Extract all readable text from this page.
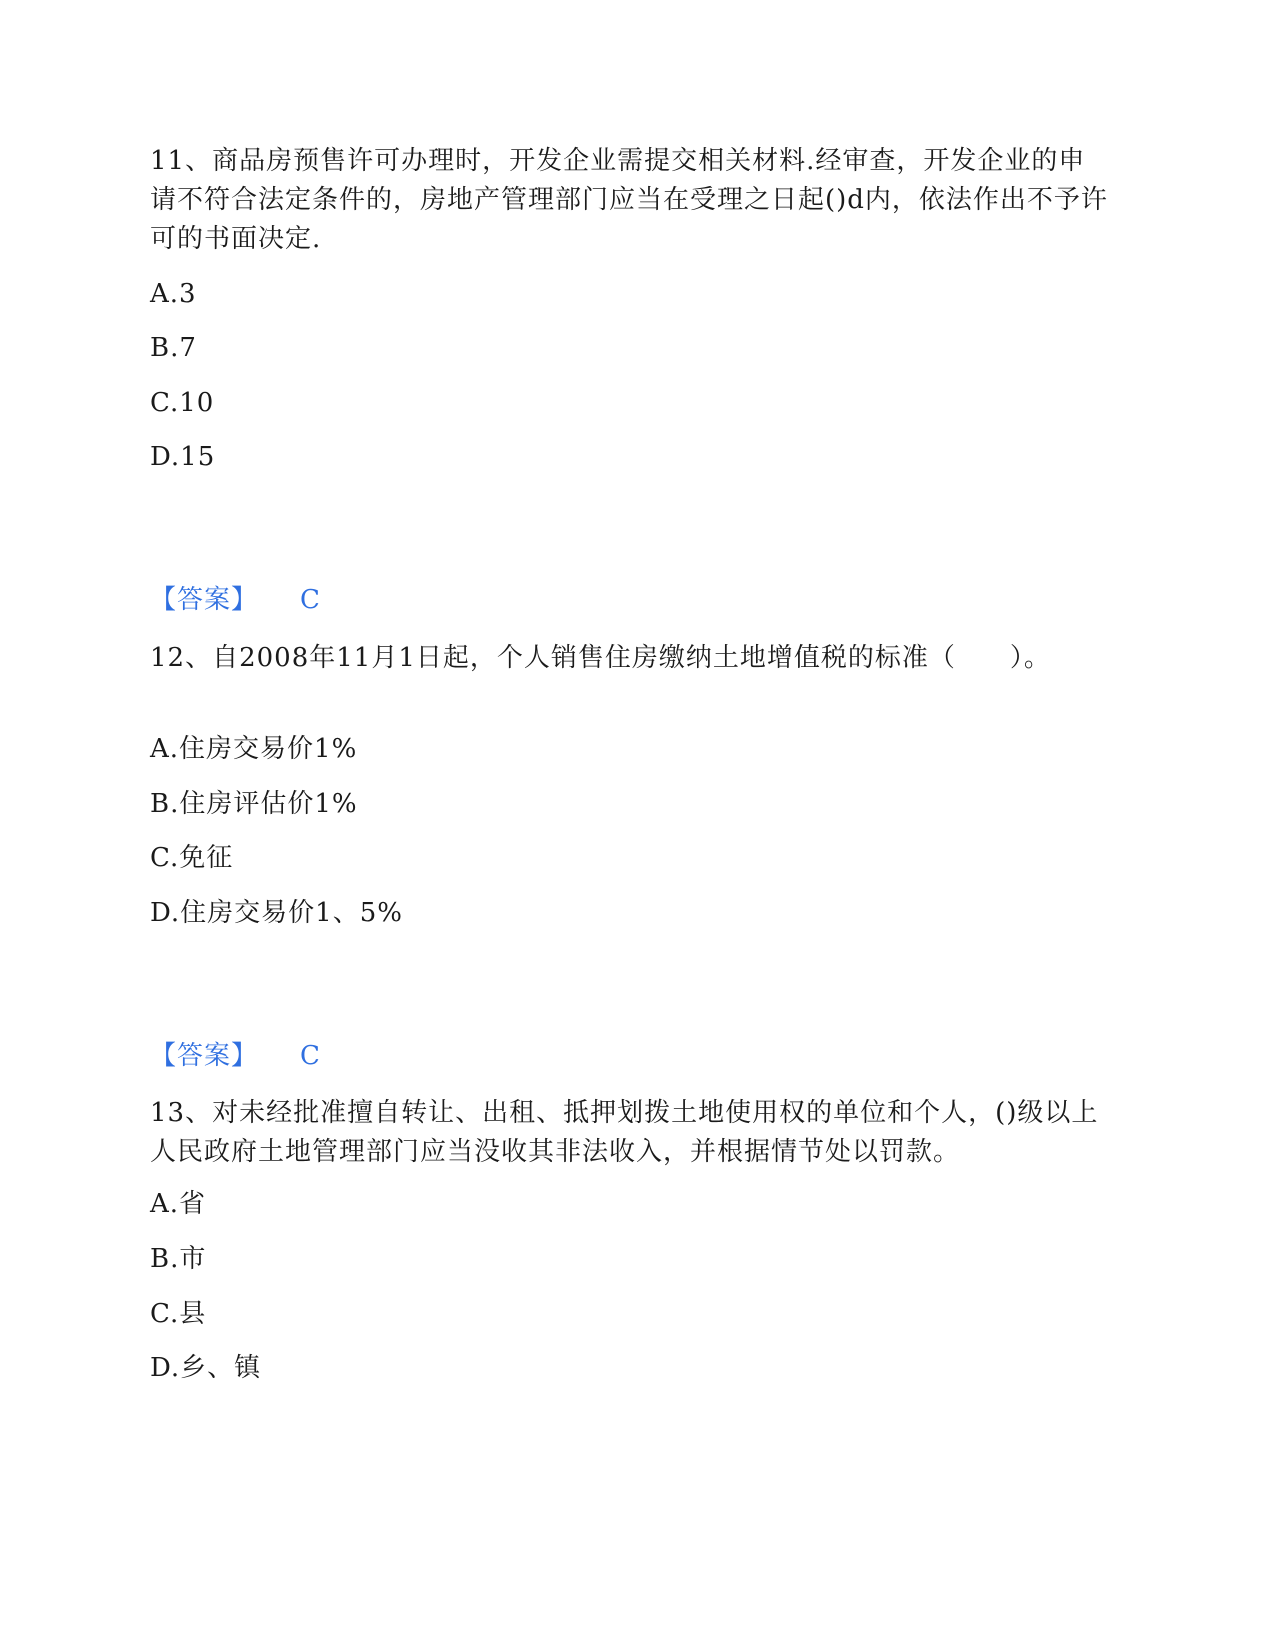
11、商品房预售许可办理时，开发企业需提交相关材料.经审查，开发企业的申请不符合法定条件的，房地产管理部门应当在受理之日起()d内，依法作出不予许可的书面决定.

A.3

B.7

C.10

D.15

【答案】 C

12、自2008年11月1日起，个人销售住房缴纳土地增值税的标准（　　）。

A.住房交易价1%

B.住房评估价1%

C.免征

D.住房交易价1、5%

【答案】 C

13、对未经批准擅自转让、出租、抵押划拨土地使用权的单位和个人，()级以上人民政府土地管理部门应当没收其非法收入，并根据情节处以罚款。

A.省

B.市

C.县

D.乡、镇
